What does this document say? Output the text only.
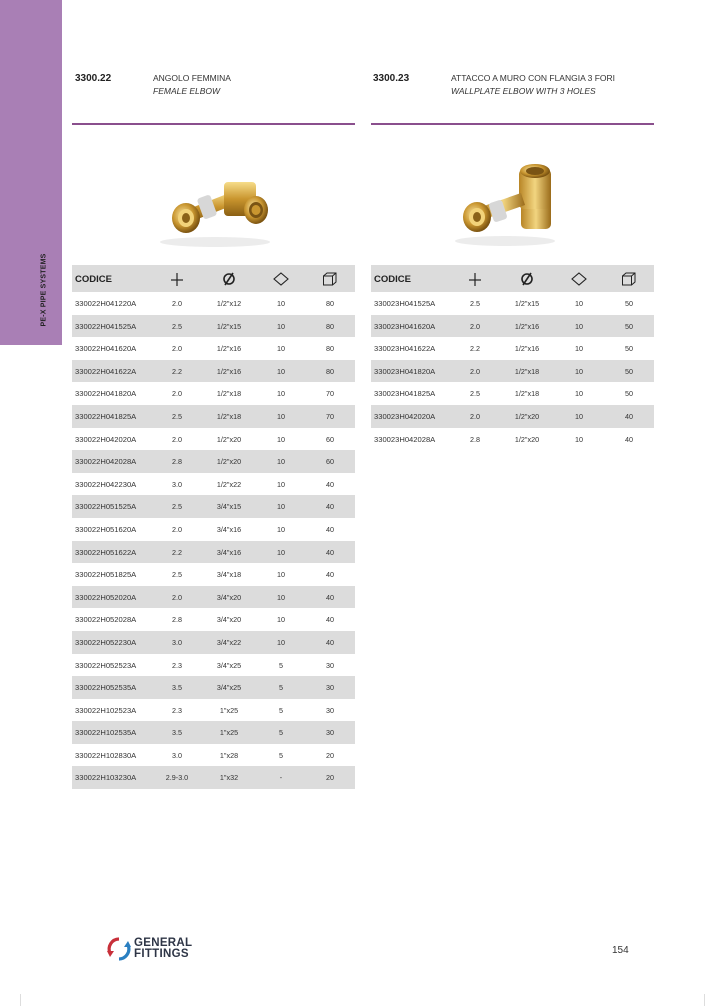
PE-X PIPE SYSTEMS
3300.22	ANGOLO FEMMINA
FEMALE ELBOW
3300.23	ATTACCO A MURO CON FLANGIA 3 FORI
WALLPLATE ELBOW WITH 3 HOLES
CODICE
330022H041220A	2.0	1/2"x12	10	80
330022H041525A	2.5	1/2"x15	10	80
330022H041620A	2.0	1/2"x16	10	80
330022H041622A	2.2	1/2"x16	10	80
330022H041820A	2.0	1/2"x18	10	70
330022H041825A	2.5	1/2"x18	10	70
330022H042020A	2.0	1/2"x20	10	60
330022H042028A	2.8	1/2"x20	10	60
330022H042230A	3.0	1/2"x22	10	40
330022H051525A	2.5	3/4"x15	10	40
330022H051620A	2.0	3/4"x16	10	40
330022H051622A	2.2	3/4"x16	10	40
330022H051825A	2.5	3/4"x18	10	40
330022H052020A	2.0	3/4"x20	10	40
330022H052028A	2.8	3/4"x20	10	40
330022H052230A	3.0	3/4"x22	10	40
330022H052523A	2.3	3/4"x25	5	30
330022H052535A	3.5	3/4"x25	5	30
330022H102523A	2.3	1"x25	5	30
330022H102535A	3.5	1"x25	5	30
330022H102830A	3.0	1"x28	5	20
330022H103230A	2.9-3.0	1"x32	-	20
CODICE
330023H041525A	2.5	1/2"x15	10	50
330023H041620A	2.0	1/2"x16	10	50
330023H041622A	2.2	1/2"x16	10	50
330023H041820A	2.0	1/2"x18	10	50
330023H041825A	2.5	1/2"x18	10	50
330023H042020A	2.0	1/2"x20	10	40
330023H042028A	2.8	1/2"x20	10	40
GENERAL
FITTINGS	154
